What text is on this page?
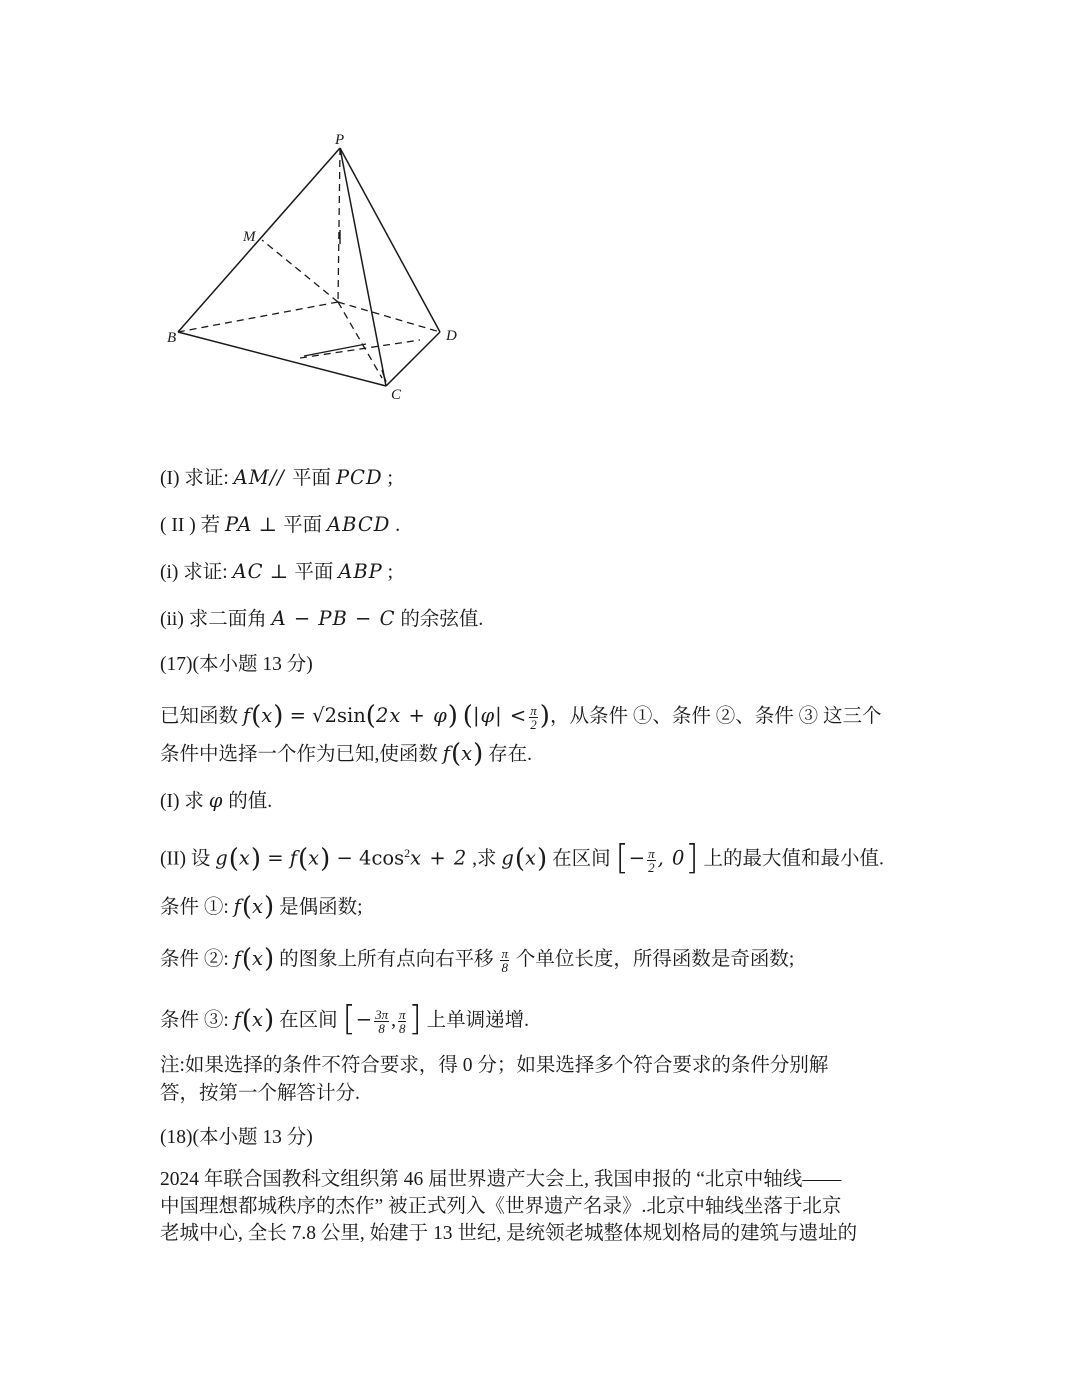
P
M
B	D
C
(I) 求证: AM// 平面 PCD ;
( II ) 若 PA ⊥ 平面 ABCD .
(i) 求证: AC ⊥ 平面 ABP ;
(ii) 求二面角 A − PB − C 的余弦值.
(17)(本小题 13 分)
已知函数 f(x) = √2sin(2x + φ) ($|\varphi| < \frac{\pi}{2}$ )，从条件 ①、条件 ②、条件 ③ 这三个
条件中选择一个作为已知,使函数 f(x) 存在.
(I) 求 φ 的值.
(II) 设 $g(x) = f(x) - 4\cos^2x + 2$ ,求 g(x) 在区间 [− $\frac{\pi}{2}$ , 0] 上的最大值和最小值.
条件 ①: f(x) 是偶函数;
条件 ②: f(x) 的图象上所有点向右平移 $\frac{\pi}{8}$ 个单位长度，所得函数是奇函数;
条件 ③: f(x) 在区间 [− $\frac{3\pi}{8}$ , $\frac{\pi}{8}$ ] 上单调递增.
注:如果选择的条件不符合要求，得 0 分；如果选择多个符合要求的条件分别解
答，按第一个解答计分.
(18)(本小题 13 分)
2024 年联合国教科文组织第 46 届世界遗产大会上, 我国申报的 “北京中轴线——
中国理想都城秩序的杰作” 被正式列入《世界遗产名录》.北京中轴线坐落于北京
老城中心, 全长 7.8 公里, 始建于 13 世纪, 是统领老城整体规划格局的建筑与遗址的
